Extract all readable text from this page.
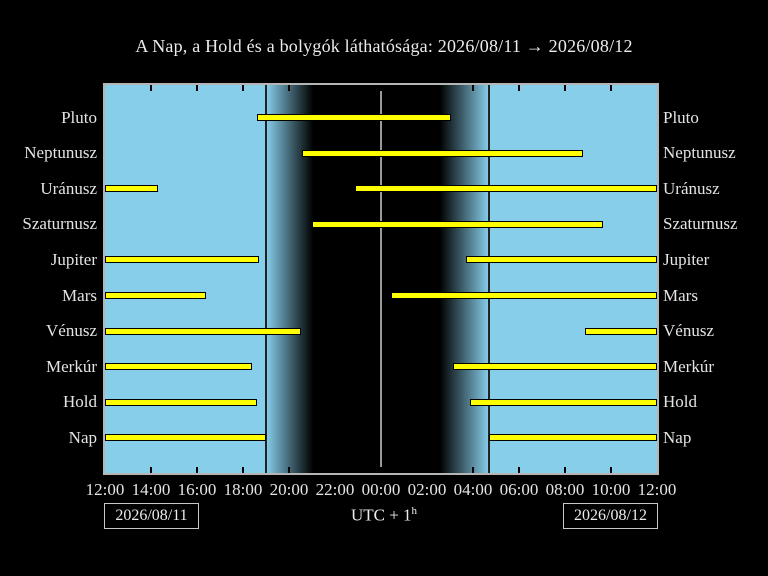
A Nap, a Hold és a bolygók láthatósága: 2026/08/11 → 2026/08/12
2026/08/11	UTC + $1^h$	2026/08/12
Pluto	Pluto
Neptunusz	Neptunusz
Uránusz	Uránusz
Szaturnusz	Szaturnusz
Jupiter	Jupiter
Mars	Mars
Vénusz	Vénusz
Merkúr	Merkúr
Hold	Hold
Nap	Nap
12:00 14:00 16:00 18:00 20:00 22:00 00:00 02:00 04:00 06:00 08:00 10:00 12:00
